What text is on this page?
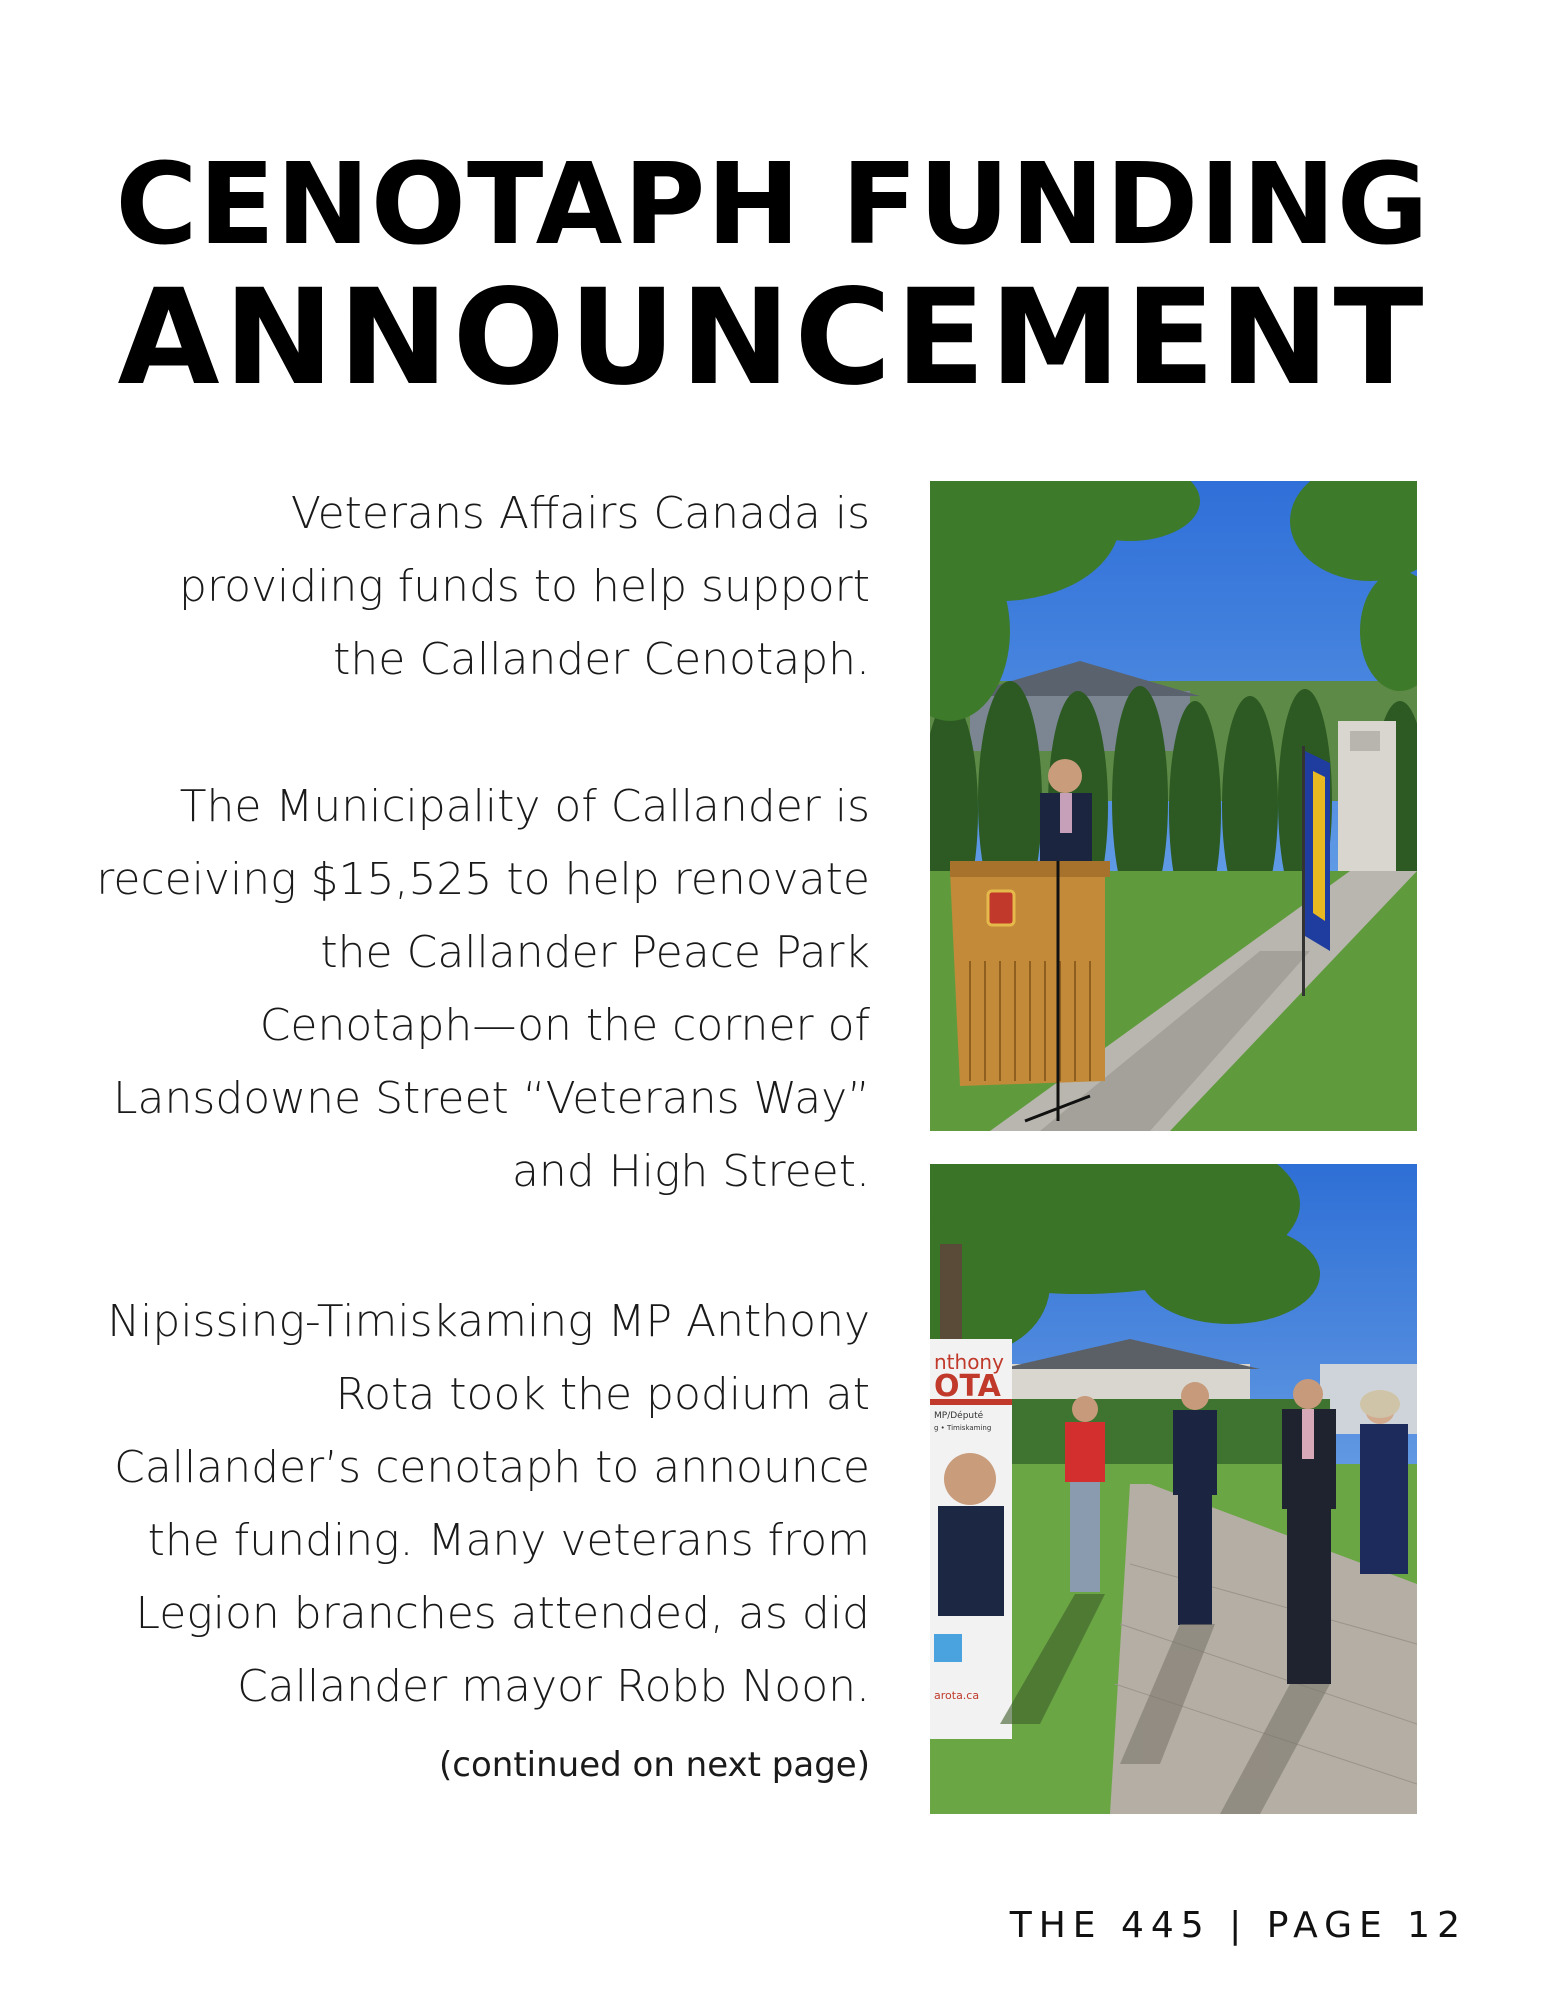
CENOTAPH FUNDING
ANNOUNCEMENT
Veterans Affairs Canada is
providing funds to help support
the Callander Cenotaph.
The Municipality of Callander is
receiving $15,525 to help renovate
the Callander Peace Park
Cenotaph—on the corner of
Lansdowne Street “Veterans Way”
and High Street.
Nipissing-Timiskaming MP Anthony
Rota took the podium at
Callander’s cenotaph to announce
the funding. Many veterans from
Legion branches attended, as did
Callander mayor Robb Noon.
(continued on next page)
nthony
OTA
MP/Député
g • Timiskaming
arota.ca
THE 445 | PAGE 12
